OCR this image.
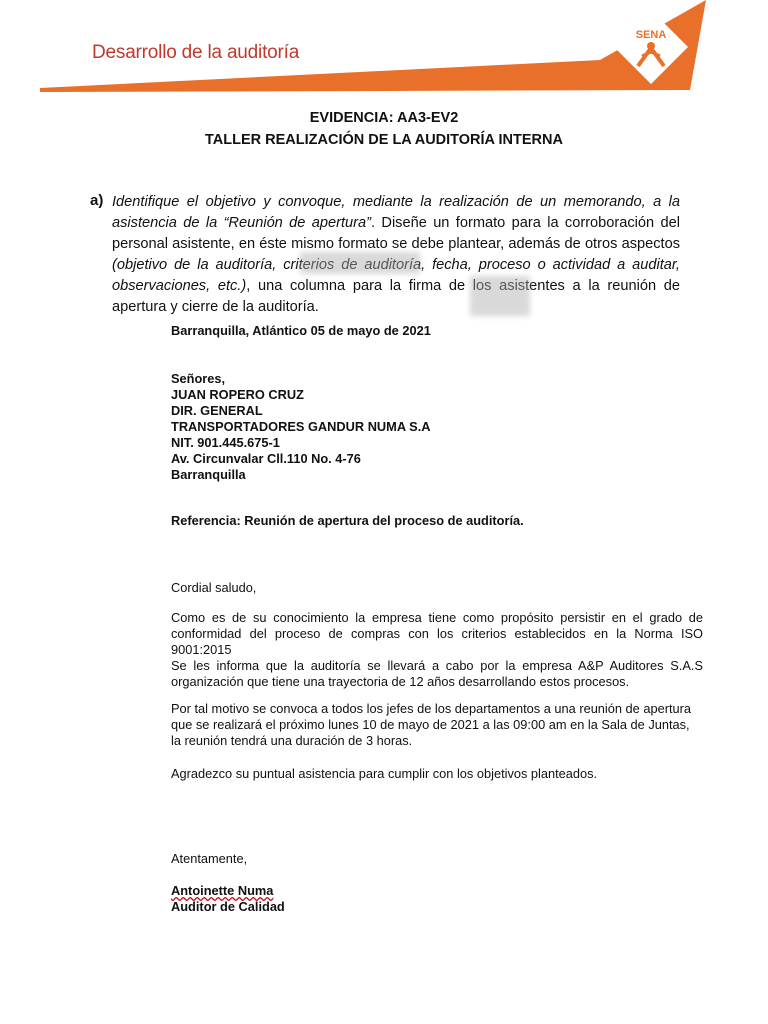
Desarrollo de la auditoría
SENA
EVIDENCIA: AA3-EV2
TALLER REALIZACIÓN DE LA AUDITORÍA INTERNA
a) Identifique el objetivo y convoque, mediante la realización de un memorando, a la asistencia de la “Reunión de apertura”. Diseñe un formato para la corroboración del personal asistente, en éste mismo formato se debe plantear, además de otros aspectos (objetivo de la auditoría, criterios de auditoría, fecha, proceso o actividad a auditar, observaciones, etc.), una columna para la firma de los asistentes a la reunión de apertura y cierre de la auditoría.
Barranquilla, Atlántico 05 de mayo de 2021
Señores,
JUAN ROPERO CRUZ
DIR. GENERAL
TRANSPORTADORES GANDUR NUMA S.A
NIT. 901.445.675-1
Av. Circunvalar Cll.110 No. 4-76
Barranquilla
Referencia: Reunión de apertura del proceso de auditoría.
Cordial saludo,
Como es de su conocimiento la empresa tiene como propósito persistir en el grado de conformidad del proceso de compras con los criterios establecidos en la Norma ISO 9001:2015
Se les informa que la auditoría se llevará a cabo por la empresa A&P Auditores S.A.S organización que tiene una trayectoria de 12 años desarrollando estos procesos.
Por tal motivo se convoca a todos los jefes de los departamentos a una reunión de apertura que se realizará el próximo lunes 10 de mayo de 2021 a las 09:00 am en la Sala de Juntas, la reunión tendrá una duración de 3 horas.
Agradezco su puntual asistencia para cumplir con los objetivos planteados.
Atentamente,
Antoinette Numa
Auditor de Calidad
